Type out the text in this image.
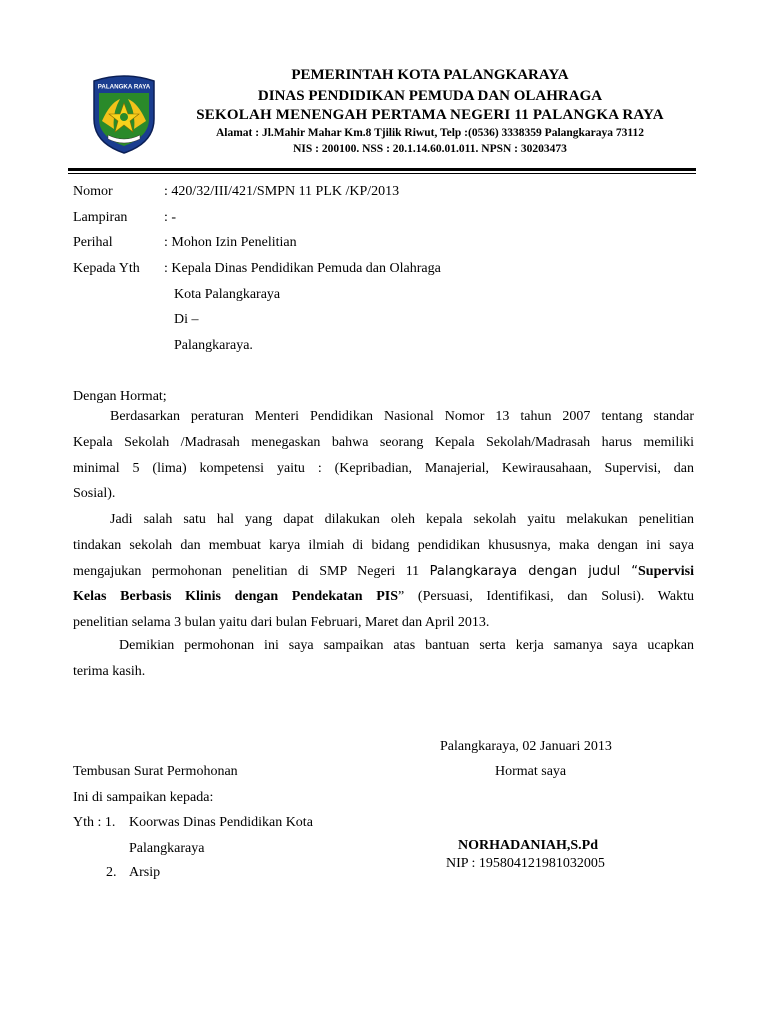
PALANGKA RAYA
PEMERINTAH KOTA PALANGKARAYA
DINAS PENDIDIKAN PEMUDA DAN OLAHRAGA
SEKOLAH MENENGAH PERTAMA NEGERI 11 PALANGKA RAYA
Alamat : Jl.Mahir Mahar Km.8 Tjilik Riwut, Telp :(0536) 3338359 Palangkaraya 73112
NIS : 200100. NSS : 20.1.14.60.01.011. NPSN : 30203473
Nomor	: 420/32/III/421/SMPN 11 PLK /KP/2013
Lampiran	: -
Perihal	: Mohon Izin Penelitian
Kepada Yth : Kepala Dinas Pendidikan Pemuda dan Olahraga
Kota Palangkaraya
Di –
Palangkaraya.
Dengan Hormat;
Berdasarkan peraturan Menteri Pendidikan Nasional Nomor 13 tahun 2007 tentang standar
Kepala Sekolah /Madrasah menegaskan bahwa seorang Kepala Sekolah/Madrasah harus memiliki
minimal 5 (lima) kompetensi yaitu : (Kepribadian, Manajerial, Kewirausahaan, Supervisi, dan
Sosial).
Jadi salah satu hal yang dapat dilakukan oleh kepala sekolah yaitu melakukan penelitian
tindakan sekolah dan membuat karya ilmiah di bidang pendidikan khususnya, maka dengan ini saya
mengajukan permohonan penelitian di SMP Negeri 11 Palangkaraya dengan judul “Supervisi
Kelas Berbasis Klinis dengan Pendekatan PIS” (Persuasi, Identifikasi, dan Solusi). Waktu
penelitian selama 3 bulan yaitu dari bulan Februari, Maret dan April 2013.
Demikian permohonan ini saya sampaikan atas bantuan serta kerja samanya saya ucapkan
terima kasih.
Palangkaraya, 02 Januari 2013
Hormat saya
NORHADANIAH,S.Pd
NIP : 195804121981032005
Tembusan Surat Permohonan
Ini di sampaikan kepada:
Yth : 1. Koorwas Dinas Pendidikan Kota
Palangkaraya
2. Arsip
